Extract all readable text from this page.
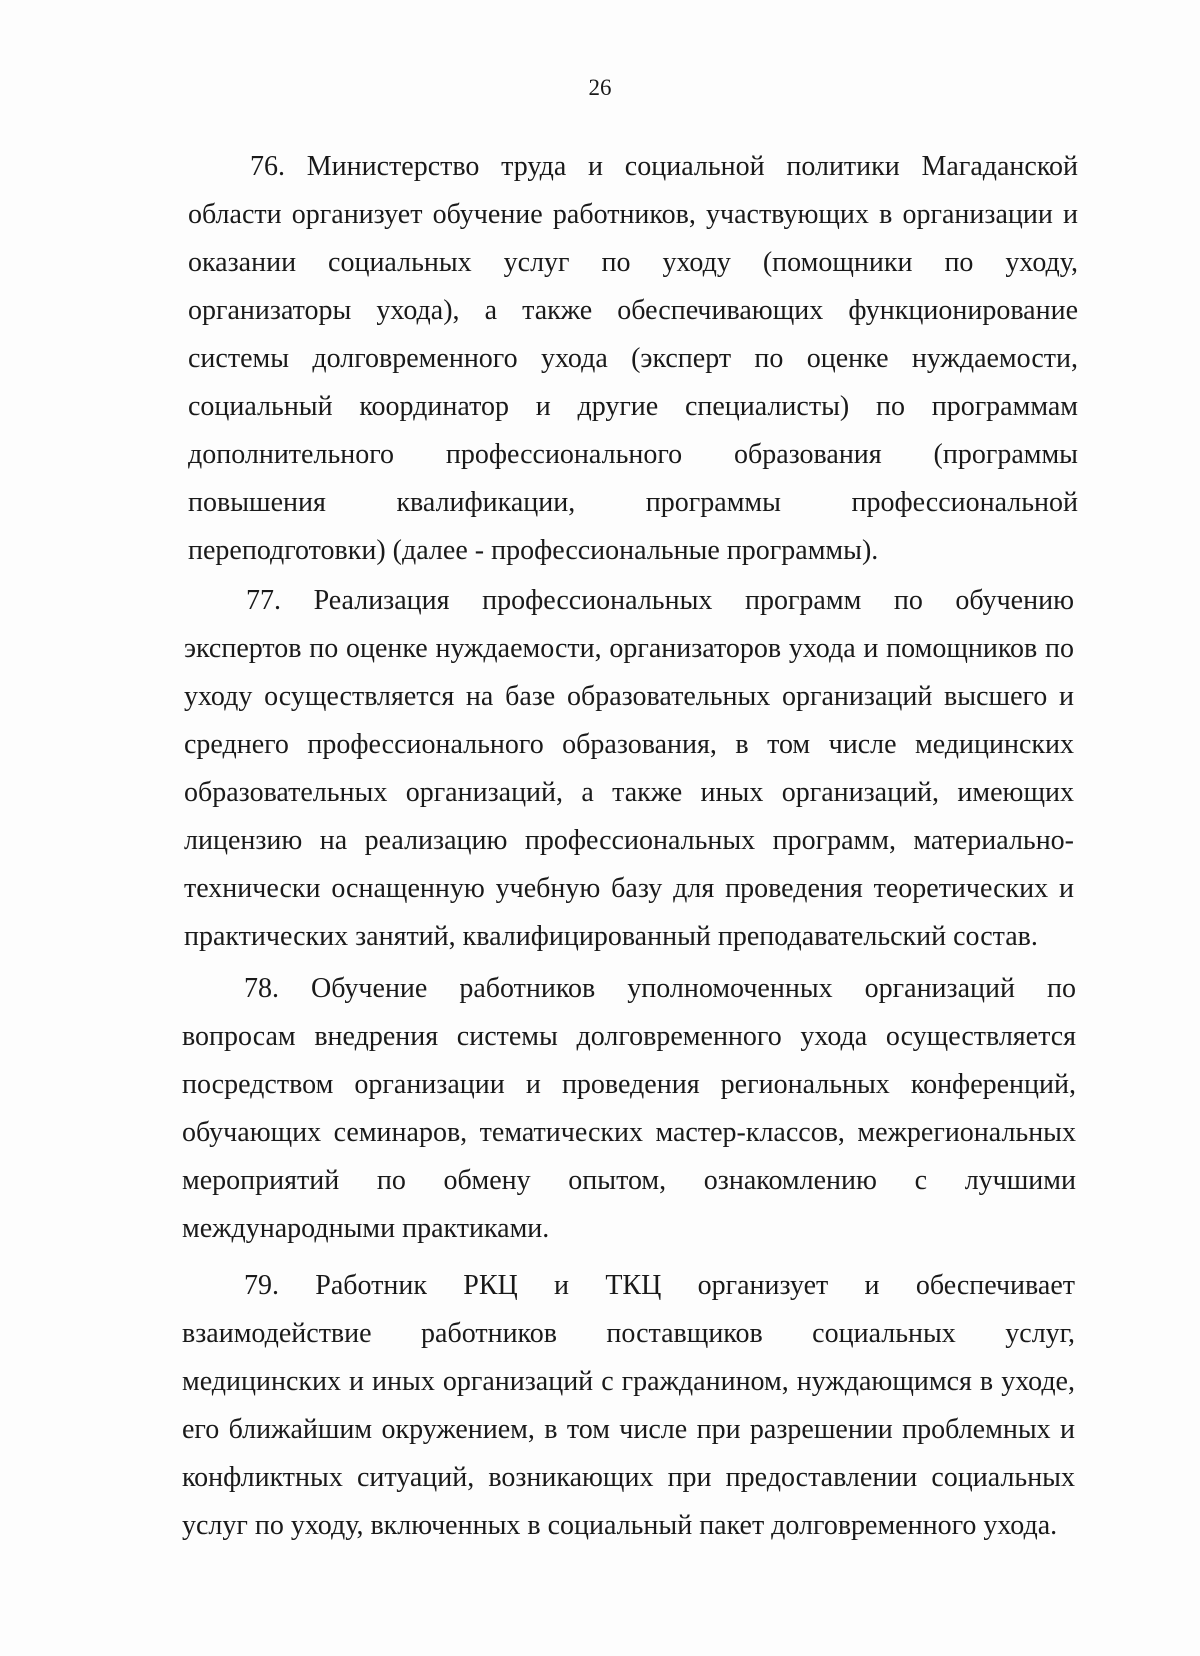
26
76. Министерство труда и социальной политики Магаданской
области организует обучение работников, участвующих в организации и
оказании социальных услуг по уходу (помощники по уходу,
организаторы ухода), а также обеспечивающих функционирование
системы долговременного ухода (эксперт по оценке нуждаемости,
социальный координатор и другие специалисты) по программам
дополнительного профессионального образования (программы
повышения квалификации, программы профессиональной
переподготовки) (далее - профессиональные программы).
77. Реализация профессиональных программ по обучению
экспертов по оценке нуждаемости, организаторов ухода и помощников по
уходу осуществляется на базе образовательных организаций высшего и
среднего профессионального образования, в том числе медицинских
образовательных организаций, а также иных организаций, имеющих
лицензию на реализацию профессиональных программ, материально-
технически оснащенную учебную базу для проведения теоретических и
практических занятий, квалифицированный преподавательский состав.
78. Обучение работников уполномоченных организаций по
вопросам внедрения системы долговременного ухода осуществляется
посредством организации и проведения региональных конференций,
обучающих семинаров, тематических мастер-классов, межрегиональных
мероприятий по обмену опытом, ознакомлению с лучшими
международными практиками.
79. Работник РКЦ и ТКЦ организует и обеспечивает
взаимодействие работников поставщиков социальных услуг,
медицинских и иных организаций с гражданином, нуждающимся в уходе,
его ближайшим окружением, в том числе при разрешении проблемных и
конфликтных ситуаций, возникающих при предоставлении социальных
услуг по уходу, включенных в социальный пакет долговременного ухода.
